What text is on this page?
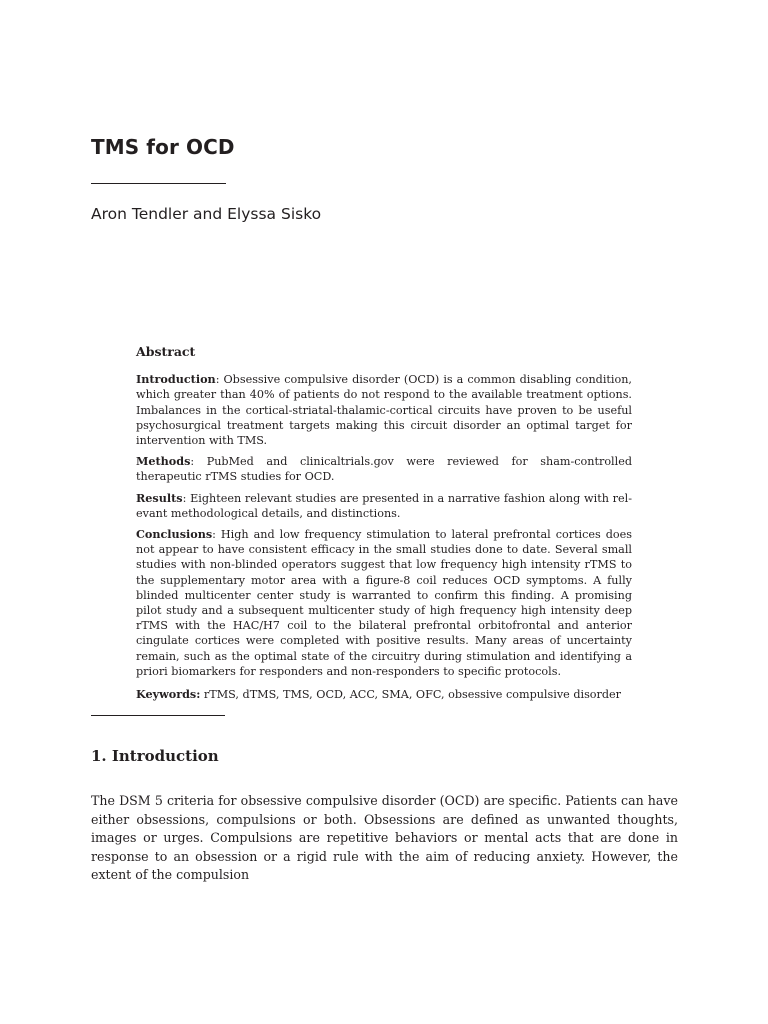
TMS for OCD

Aron Tendler and Elyssa Sisko

Abstract

Introduction: Obsessive compulsive disorder (OCD) is a common disabling condition, which greater than 40% of patients do not respond to the available treatment options. Imbalances in the cortical-striatal-thalamic-cortical circuits have proven to be useful psychosurgical treatment targets making this circuit disorder an optimal target for intervention with TMS.

Methods: PubMed and clinicaltrials.gov were reviewed for sham-controlled therapeutic rTMS studies for OCD.

Results: Eighteen relevant studies are presented in a narrative fashion along with relevant methodological details, and distinctions.

Conclusions: High and low frequency stimulation to lateral prefrontal cortices does not appear to have consistent efficacy in the small studies done to date. Several small studies with non-blinded operators suggest that low frequency high intensity rTMS to the supplementary motor area with a figure-8 coil reduces OCD symptoms. A fully blinded multicenter center study is warranted to confirm this finding. A promising pilot study and a subsequent multicenter study of high frequency high intensity deep rTMS with the HAC/H7 coil to the bilateral prefrontal orbitofrontal and anterior cingulate cortices were completed with positive results. Many areas of uncertainty remain, such as the optimal state of the circuitry during stimulation and identifying a priori biomarkers for responders and non-responders to specific protocols.

Keywords: rTMS, dTMS, TMS, OCD, ACC, SMA, OFC, obsessive compulsive disorder

1. Introduction

The DSM 5 criteria for obsessive compulsive disorder (OCD) are specific. Patients can have either obsessions, compulsions or both. Obsessions are defined as unwanted thoughts, images or urges. Compulsions are repetitive behaviors or mental acts that are done in response to an obsession or a rigid rule with the aim of reducing anxiety. However, the extent of the compulsion
